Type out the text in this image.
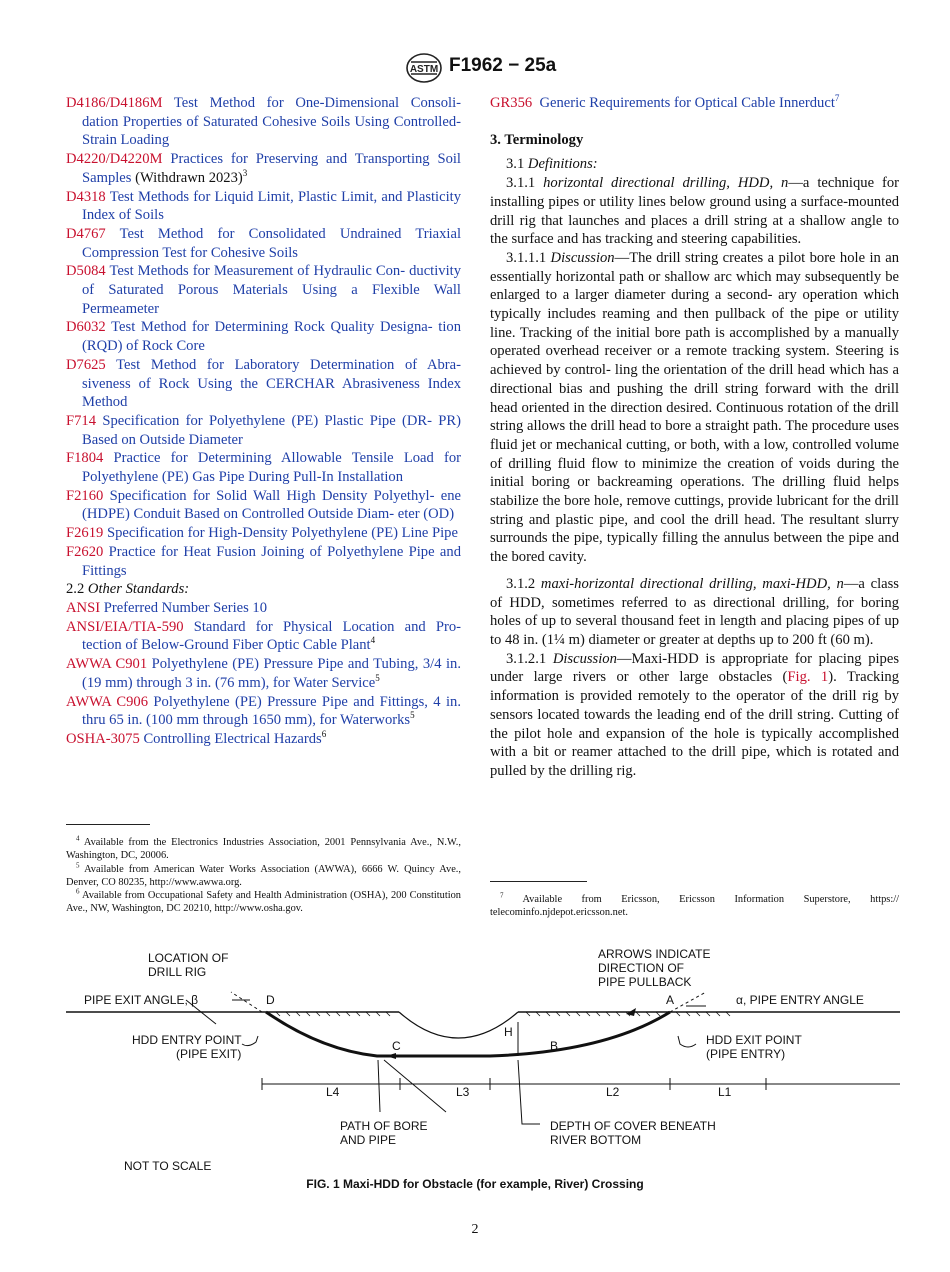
ASTM F1962 − 25a

D4186/D4186M Test Method for One-Dimensional Consoli- dation Properties of Saturated Cohesive Soils Using Controlled-Strain Loading

D4220/D4220M Practices for Preserving and Transporting Soil Samples (Withdrawn 2023)$^3$

D4318 Test Methods for Liquid Limit, Plastic Limit, and Plasticity Index of Soils

D4767 Test Method for Consolidated Undrained Triaxial Compression Test for Cohesive Soils

D5084 Test Methods for Measurement of Hydraulic Con- ductivity of Saturated Porous Materials Using a Flexible Wall Permeameter

D6032 Test Method for Determining Rock Quality Designa- tion (RQD) of Rock Core

D7625 Test Method for Laboratory Determination of Abra- siveness of Rock Using the CERCHAR Abrasiveness Index Method

F714 Specification for Polyethylene (PE) Plastic Pipe (DR- PR) Based on Outside Diameter

F1804 Practice for Determining Allowable Tensile Load for Polyethylene (PE) Gas Pipe During Pull-In Installation

F2160 Specification for Solid Wall High Density Polyethyl- ene (HDPE) Conduit Based on Controlled Outside Diam- eter (OD)

F2619 Specification for High-Density Polyethylene (PE) Line Pipe

F2620 Practice for Heat Fusion Joining of Polyethylene Pipe and Fittings

2.2 Other Standards:

ANSI Preferred Number Series 10

ANSI/EIA/TIA-590 Standard for Physical Location and Pro- tection of Below-Ground Fiber Optic Cable Plant$^4$

AWWA C901 Polyethylene (PE) Pressure Pipe and Tubing, 3/4 in. (19 mm) through 3 in. (76 mm), for Water Service$^5$

AWWA C906 Polyethylene (PE) Pressure Pipe and Fittings, 4 in. thru 65 in. (100 mm through 1650 mm), for Waterworks$^5$

OSHA-3075 Controlling Electrical Hazards$^6$

$^4$ Available from the Electronics Industries Association, 2001 Pennsylvania Ave., N.W., Washington, DC, 20006.

$^5$ Available from American Water Works Association (AWWA), 6666 W. Quincy Ave., Denver, CO 80235, http://www.awwa.org.

$^6$ Available from Occupational Safety and Health Administration (OSHA), 200 Constitution Ave., NW, Washington, DC 20210, http://www.osha.gov.

GR356 Generic Requirements for Optical Cable Innerduct$^7$

3. Terminology

3.1 Definitions:

3.1.1 horizontal directional drilling, HDD, n—a technique for installing pipes or utility lines below ground using a surface-mounted drill rig that launches and places a drill string at a shallow angle to the surface and has tracking and steering capabilities.

3.1.1.1 Discussion—The drill string creates a pilot bore hole in an essentially horizontal path or shallow arc which may subsequently be enlarged to a larger diameter during a second- ary operation which typically includes reaming and then pullback of the pipe or utility line. Tracking of the initial bore path is accomplished by a manually operated overhead receiver or a remote tracking system. Steering is achieved by control- ling the orientation of the drill head which has a directional bias and pushing the drill string forward with the drill head oriented in the direction desired. Continuous rotation of the drill string allows the drill head to bore a straight path. The procedure uses fluid jet or mechanical cutting, or both, with a low, controlled volume of drilling fluid flow to minimize the creation of voids during the initial boring or backreaming operations. The drilling fluid helps stabilize the bore hole, remove cuttings, provide lubricant for the drill string and plastic pipe, and cool the drill head. The resultant slurry surrounds the pipe, typically filling the annulus between the pipe and the bored cavity.

3.1.2 maxi-horizontal directional drilling, maxi-HDD, n—a class of HDD, sometimes referred to as directional drilling, for boring holes of up to several thousand feet in length and placing pipes of up to 48 in. (1¼ m) diameter or greater at depths up to 200 ft (60 m).

3.1.2.1 Discussion—Maxi-HDD is appropriate for placing pipes under large rivers or other large obstacles (Fig. 1). Tracking information is provided remotely to the operator of the drill rig by sensors located towards the leading end of the drill string. Cutting of the pilot hole and expansion of the hole is typically accomplished with a bit or reamer attached to the drill pipe, which is rotated and pulled by the drilling rig.

$^7$ Available from Ericsson, Ericsson Information Superstore, https:// telecominfo.njdepot.ericsson.net.

LOCATION OF
DRILL RIG
ARROWS INDICATE
DIRECTION OF
PIPE PULLBACK
PIPE EXIT ANGLE, β	α, PIPE ENTRY ANGLE
HDD ENTRY POINT
(PIPE EXIT)
HDD EXIT POINT
(PIPE ENTRY)
D	A
C	B
H
L4	L3	L2	L1
PATH OF BORE
AND PIPE
DEPTH OF COVER BENEATH
RIVER BOTTOM
NOT TO SCALE
FIG. 1 Maxi-HDD for Obstacle (for example, River) Crossing
2
